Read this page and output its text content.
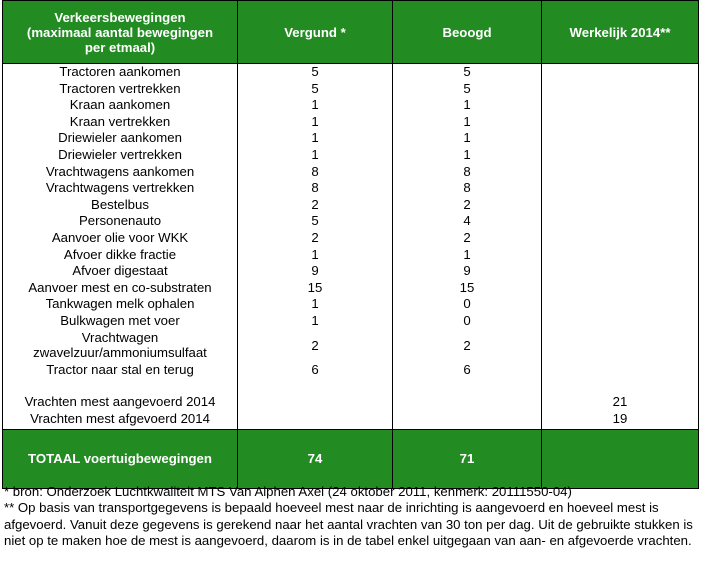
Verkeersbewegingen
(maximaal aantal bewegingen
per etmaal)	Vergund *	Beoogd	Werkelijk 2014**
Tractoren aankomen	5	5	
Tractoren vertrekken	5	5	
Kraan aankomen	1	1	
Kraan vertrekken	1	1	
Driewieler aankomen	1	1	
Driewieler vertrekken	1	1	
Vrachtwagens aankomen	8	8	
Vrachtwagens vertrekken	8	8	
Bestelbus	2	2	
Personenauto	5	4	
Aanvoer olie voor WKK	2	2	
Afvoer dikke fractie	1	1	
Afvoer digestaat	9	9	
Aanvoer mest en co-substraten	15	15	
Tankwagen melk ophalen	1	0	
Bulkwagen met voer	1	0	
Vrachtwagen zwavelzuur/ammoniumsulfaat	2	2	
Tractor naar stal en terug	6	6	

Vrachten mest aangevoerd 2014			21
Vrachten mest afgevoerd 2014			19
TOTAAL voertuigbewegingen	74	71	

* bron: Onderzoek Luchtkwaliteit MTS Van Alphen Axel (24 oktober 2011, kenmerk: 20111550-04)

** Op basis van transportgegevens is bepaald hoeveel mest naar de inrichting is aangevoerd en hoeveel mest is afgevoerd. Vanuit deze gegevens is gerekend naar het aantal vrachten van 30 ton per dag. Uit de gebruikte stukken is niet op te maken hoe de mest is aangevoerd, daarom is in de tabel enkel uitgegaan van aan- en afgevoerde vrachten.
